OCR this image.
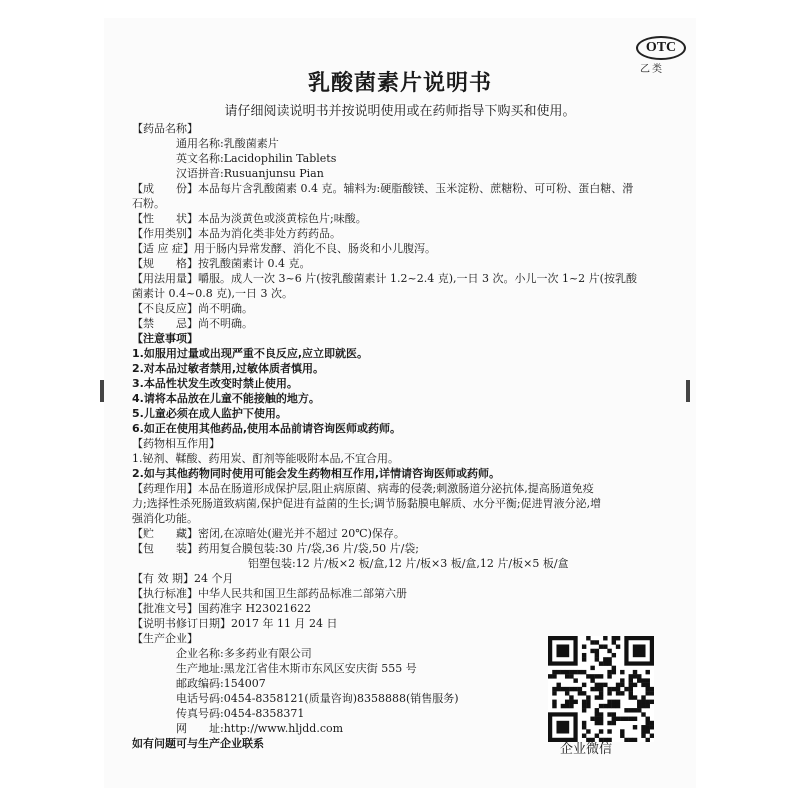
OTC
乙类
乳酸菌素片说明书
请仔细阅读说明书并按说明使用或在药师指导下购买和使用。
【药品名称】
通用名称:乳酸菌素片
英文名称:Lacidophilin Tablets
汉语拼音:Rusuanjunsu Pian
【成　　份】本品每片含乳酸菌素 0.4 克。辅料为:硬脂酸镁、玉米淀粉、蔗糖粉、可可粉、蛋白糖、滑
石粉。
【性　　状】本品为淡黄色或淡黄棕色片;味酸。
【作用类别】本品为消化类非处方药药品。
【适 应 症】用于肠内异常发酵、消化不良、肠炎和小儿腹泻。
【规　　格】按乳酸菌素计 0.4 克。
【用法用量】嚼服。成人一次 3~6 片(按乳酸菌素计 1.2~2.4 克),一日 3 次。小儿一次 1~2 片(按乳酸
菌素计 0.4~0.8 克),一日 3 次。
【不良反应】尚不明确。
【禁　　忌】尚不明确。
【注意事项】
1.如服用过量或出现严重不良反应,应立即就医。
2.对本品过敏者禁用,过敏体质者慎用。
3.本品性状发生改变时禁止使用。
4.请将本品放在儿童不能接触的地方。
5.儿童必须在成人监护下使用。
6.如正在使用其他药品,使用本品前请咨询医师或药师。
【药物相互作用】
1.铋剂、鞣酸、药用炭、酊剂等能吸附本品,不宜合用。
2.如与其他药物同时使用可能会发生药物相互作用,详情请咨询医师或药师。
【药理作用】本品在肠道形成保护层,阻止病原菌、病毒的侵袭;刺激肠道分泌抗体,提高肠道免疫
力;选择性杀死肠道致病菌,保护促进有益菌的生长;调节肠黏膜电解质、水分平衡;促进胃液分泌,增
强消化功能。
【贮　　藏】密闭,在凉暗处(避光并不超过 20℃)保存。
【包　　装】药用复合膜包装:30 片/袋,36 片/袋,50 片/袋;
铝塑包装:12 片/板×2 板/盒,12 片/板×3 板/盒,12 片/板×5 板/盒
【有 效 期】24 个月
【执行标准】中华人民共和国卫生部药品标准二部第六册
【批准文号】国药准字 H23021622
【说明书修订日期】2017 年 11 月 24 日
【生产企业】
企业名称:多多药业有限公司
生产地址:黑龙江省佳木斯市东风区安庆街 555 号
邮政编码:154007
电话号码:0454-8358121(质量咨询)8358888(销售服务)
企业微信
传真号码:0454-8358371
网　　址:http://www.hljdd.com
如有问题可与生产企业联系
